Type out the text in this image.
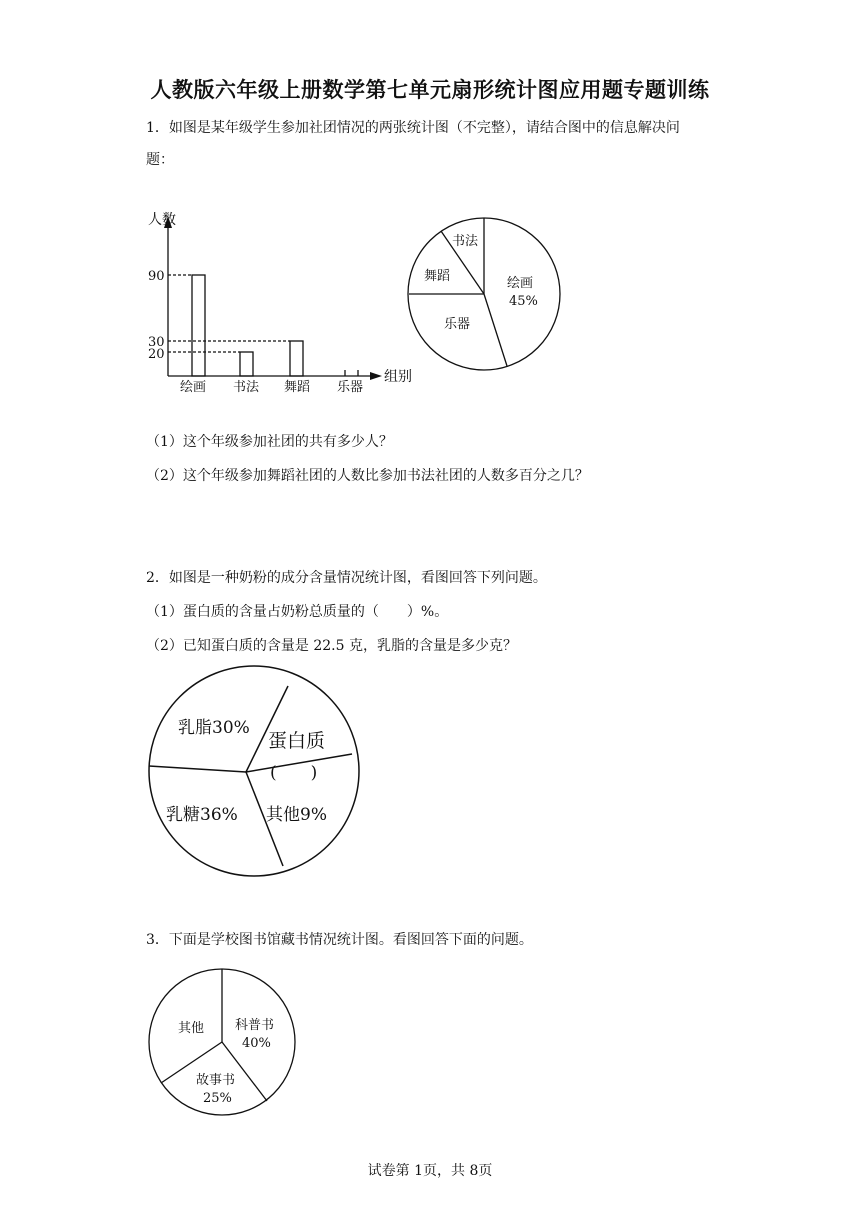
人教版六年级上册数学第七单元扇形统计图应用题专题训练
1．如图是某年级学生参加社团情况的两张统计图（不完整），请结合图中的信息解决问
题：
人数
组别
90
30
20
绘画 书法 舞蹈 乐器
书法
舞蹈
乐器
绘画
45%
乳脂30%
蛋白质
(　　)
乳糖36% 其他9%
其他 科普书
40%
故事书
25%
（1）这个年级参加社团的共有多少人？
（2）这个年级参加舞蹈社团的人数比参加书法社团的人数多百分之几？
2．如图是一种奶粉的成分含量情况统计图，看图回答下列问题。
（1）蛋白质的含量占奶粉总质量的（　　）%。
（2）已知蛋白质的含量是 22.5 克，乳脂的含量是多少克？
3．下面是学校图书馆藏书情况统计图。看图回答下面的问题。
试卷第 1页，共 8页
